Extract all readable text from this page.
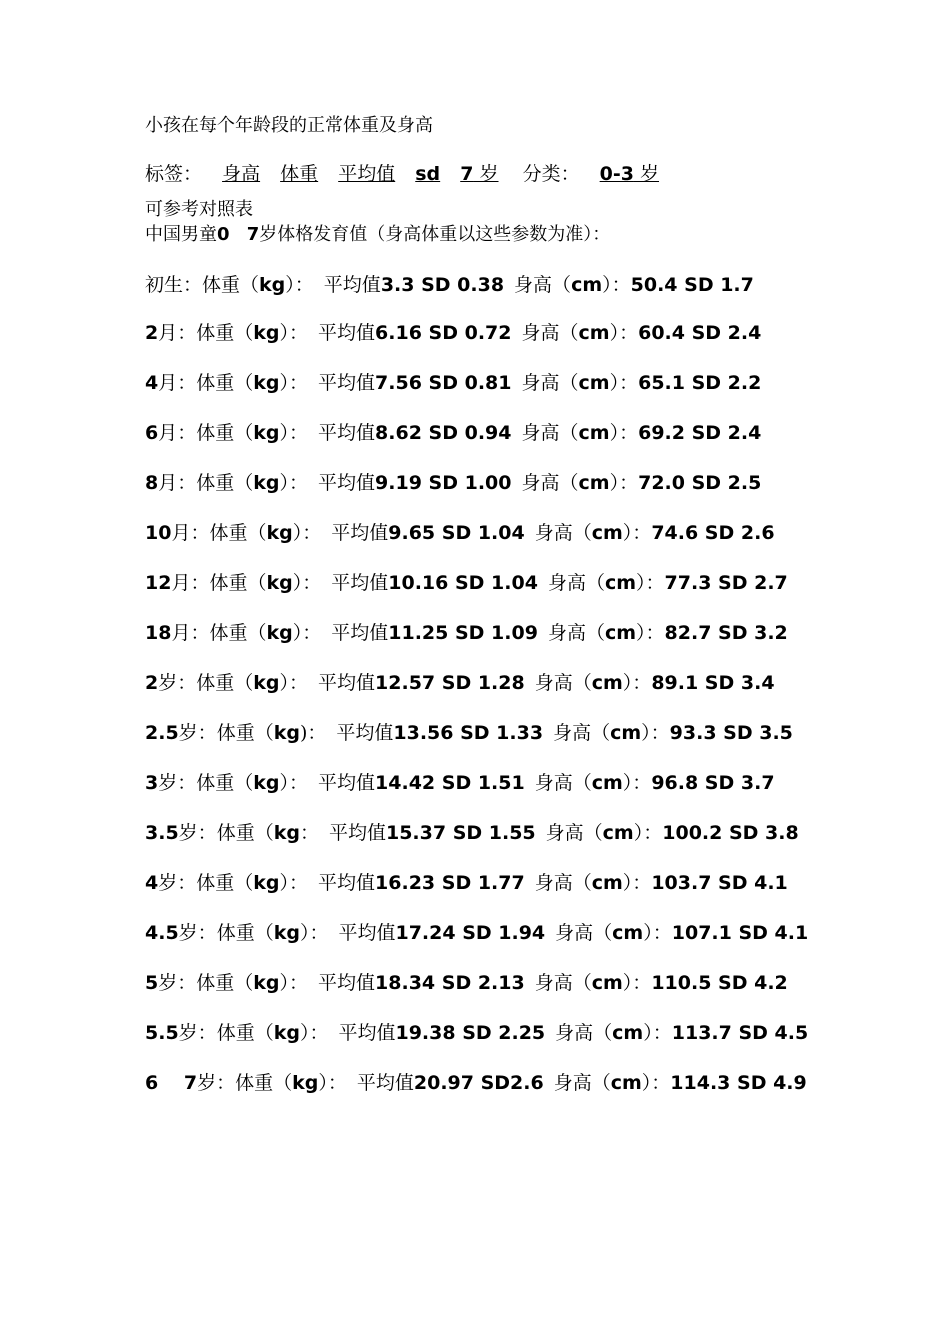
小孩在每个年龄段的正常体重及身高
标签： 身高 体重 平均值 sd 7 岁 分类： 0-3 岁
可参考对照表
中国男童0 7岁体格发育值（身高体重以这些参数为准）：
初生：体重（kg）： 平均值3.3 SD 0.38 身高（cm）：50.4 SD 1.7
2月：体重（kg）： 平均值6.16 SD 0.72 身高（cm）：60.4 SD 2.4
4月：体重（kg）： 平均值7.56 SD 0.81 身高（cm）：65.1 SD 2.2
6月：体重（kg）： 平均值8.62 SD 0.94 身高（cm）：69.2 SD 2.4
8月：体重（kg）： 平均值9.19 SD 1.00 身高（cm）：72.0 SD 2.5
10月：体重（kg）： 平均值9.65 SD 1.04 身高（cm）：74.6 SD 2.6
12月：体重（kg）： 平均值10.16 SD 1.04 身高（cm）：77.3 SD 2.7
18月：体重（kg）： 平均值11.25 SD 1.09 身高（cm）：82.7 SD 3.2
2岁：体重（kg）： 平均值12.57 SD 1.28 身高（cm）：89.1 SD 3.4
2.5岁：体重（kg)： 平均值13.56 SD 1.33 身高（cm）：93.3 SD 3.5
3岁：体重（kg）： 平均值14.42 SD 1.51 身高（cm）：96.8 SD 3.7
3.5岁：体重（kg： 平均值15.37 SD 1.55 身高（cm）：100.2 SD 3.8
4岁：体重（kg）： 平均值16.23 SD 1.77 身高（cm）：103.7 SD 4.1
4.5岁：体重（kg）： 平均值17.24 SD 1.94 身高（cm）：107.1 SD 4.1
5岁：体重（kg）： 平均值18.34 SD 2.13 身高（cm）：110.5 SD 4.2
5.5岁：体重（kg）： 平均值19.38 SD 2.25 身高（cm）：113.7 SD 4.5
6　 7岁：体重（kg）： 平均值20.97 SD2.6 身高（cm）：114.3 SD 4.9
